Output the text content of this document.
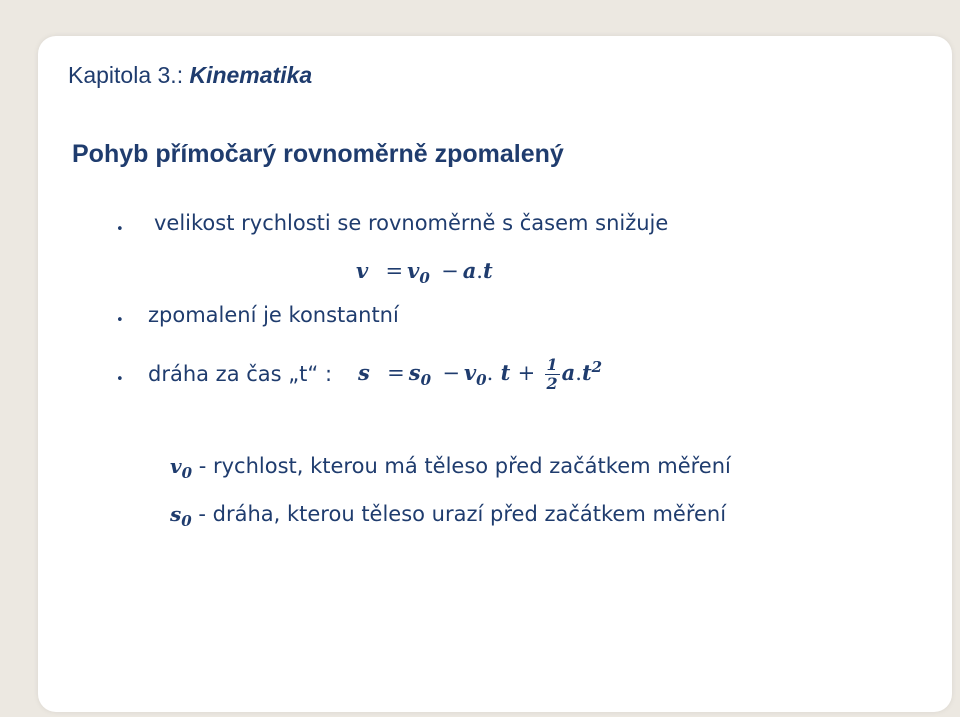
Kapitola 3.: Kinematika
Pohyb přímočarý rovnoměrně zpomalený
• velikost rychlosti se rovnoměrně s časem snižuje
$v = v_0 - a.t$
• zpomalení je konstantní
• dráha za čas „t“ : $s = s_0 - v_0$. $t + \frac{1}{2} a.t^2$
$v_0$ - rychlost, kterou má těleso před začátkem měření
$s_0$ - dráha, kterou těleso urazí před začátkem měření
